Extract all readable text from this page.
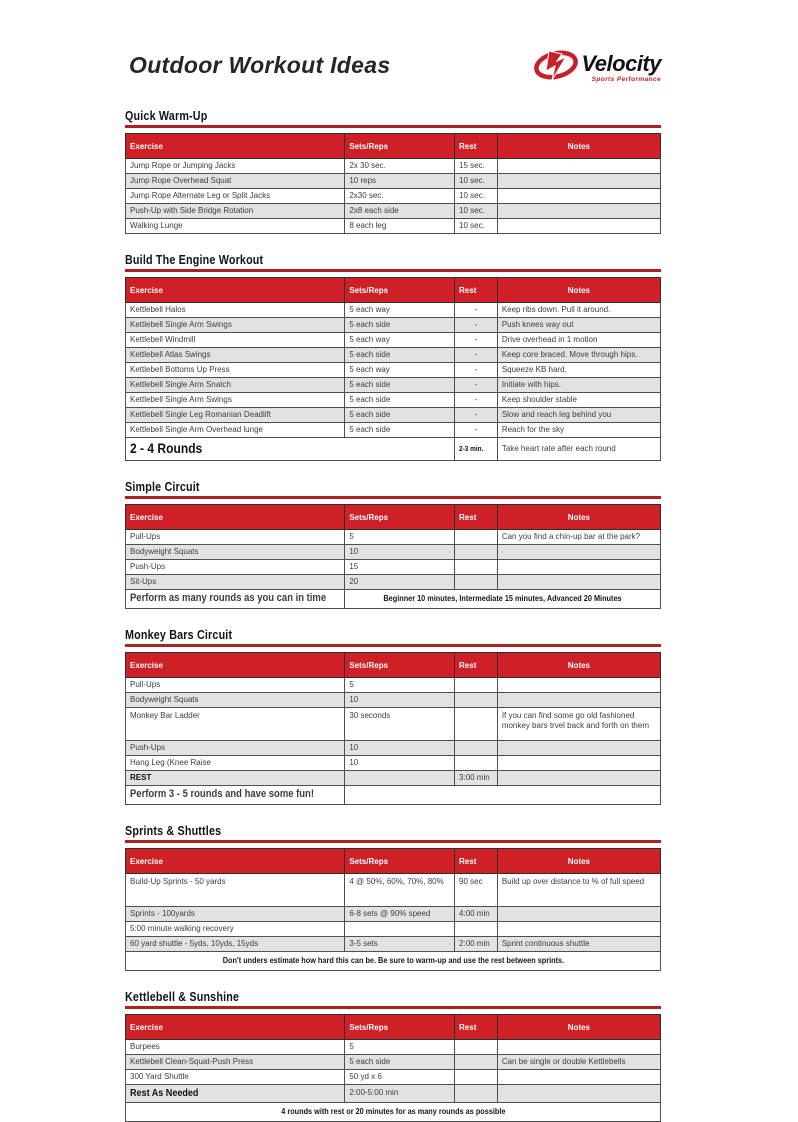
Outdoor Workout Ideas	Velocity
Sports Performance
Quick Warm-Up
Exercise	Sets/Reps	Rest	Notes
Jump Rope or Jumping Jacks	2x 30 sec.	15 sec.	
Jump Rope Overhead Squat	10 reps	10 sec.	
Jump Rope Alternate Leg or Split Jacks	2x30 sec.	10 sec.	
Push-Up with Side Bridge Rotation	2x8 each side	10 sec.	
Walking Lunge	8 each leg	10 sec.	
Build The Engine Workout
Exercise	Sets/Reps	Rest	Notes
Kettlebell Halos	5 each way	-	Keep ribs down. Pull it around.
Kettlebell Single Arm Swings	5 each side	-	Push knees way out
Kettlebell Windmill	5 each way	-	Drive overhead in 1 motion
Kettlebell Atlas Swings	5 each side	-	Keep core braced. Move through hips.
Kettlebell Bottoms Up Press	5 each way	-	Squeeze KB hard.
Kettlebell Single Arm Snatch	5 each side	-	Initiate with hips.
Kettlebell Single Arm Swings	5 each side	-	Keep shoulder stable
Kettlebell Single Leg Romanian Deadlift	5 each side	-	Slow and reach leg behind you
Kettlebell Single Arm Overhead lunge	5 each side	-	Reach for the sky
2 - 4 Rounds		2-3 min.	Take heart rate after each round
Simple Circuit
Exercise	Sets/Reps	Rest	Notes
Pull-Ups	5		Can you find a chin-up bar at the park?
Bodyweight Squats	10		
Push-Ups	15		
Sit-Ups	20		
Perform as many rounds as you can in time	Beginner 10 minutes, Intermediate 15 minutes, Advanced 20 Minutes		
Monkey Bars Circuit
Exercise	Sets/Reps	Rest	Notes
Pull-Ups	5		
Bodyweight Squats	10		
Monkey Bar Ladder	30 seconds		If you can find some go old fashioned monkey bars trvel back and forth on them
Push-Ups	10		
Hang Leg (Knee Raise	10		
REST		3:00 min	
Perform 3 - 5 rounds and have some fun!			
Sprints & Shuttles
Exercise	Sets/Reps	Rest	Notes
Build-Up Sprints - 50 yards	4 @ 50%, 60%, 70%, 80%	90 sec	Build up over distance to % of full speed
Sprints - 100yards	6-8 sets @ 90% speed	4:00 min	
5:00 minute walking recovery			
60 yard shuttle - 5yds, 10yds, 15yds	3-5 sets	2:00 min	Sprint continuous shuttle
Don't unders estimate how hard this can be. Be sure to warm-up and use the rest between sprints.			
Kettlebell & Sunshine
Exercise	Sets/Reps	Rest	Notes
Burpees	5		
Kettlebell Clean-Squat-Push Press	5 each side		Can be single or double Kettlebells
300 Yard Shuttle	50 yd x 6		
Rest As Needed	2:00-5:00 min		
4 rounds with rest or 20 minutes for as many rounds as possible			
